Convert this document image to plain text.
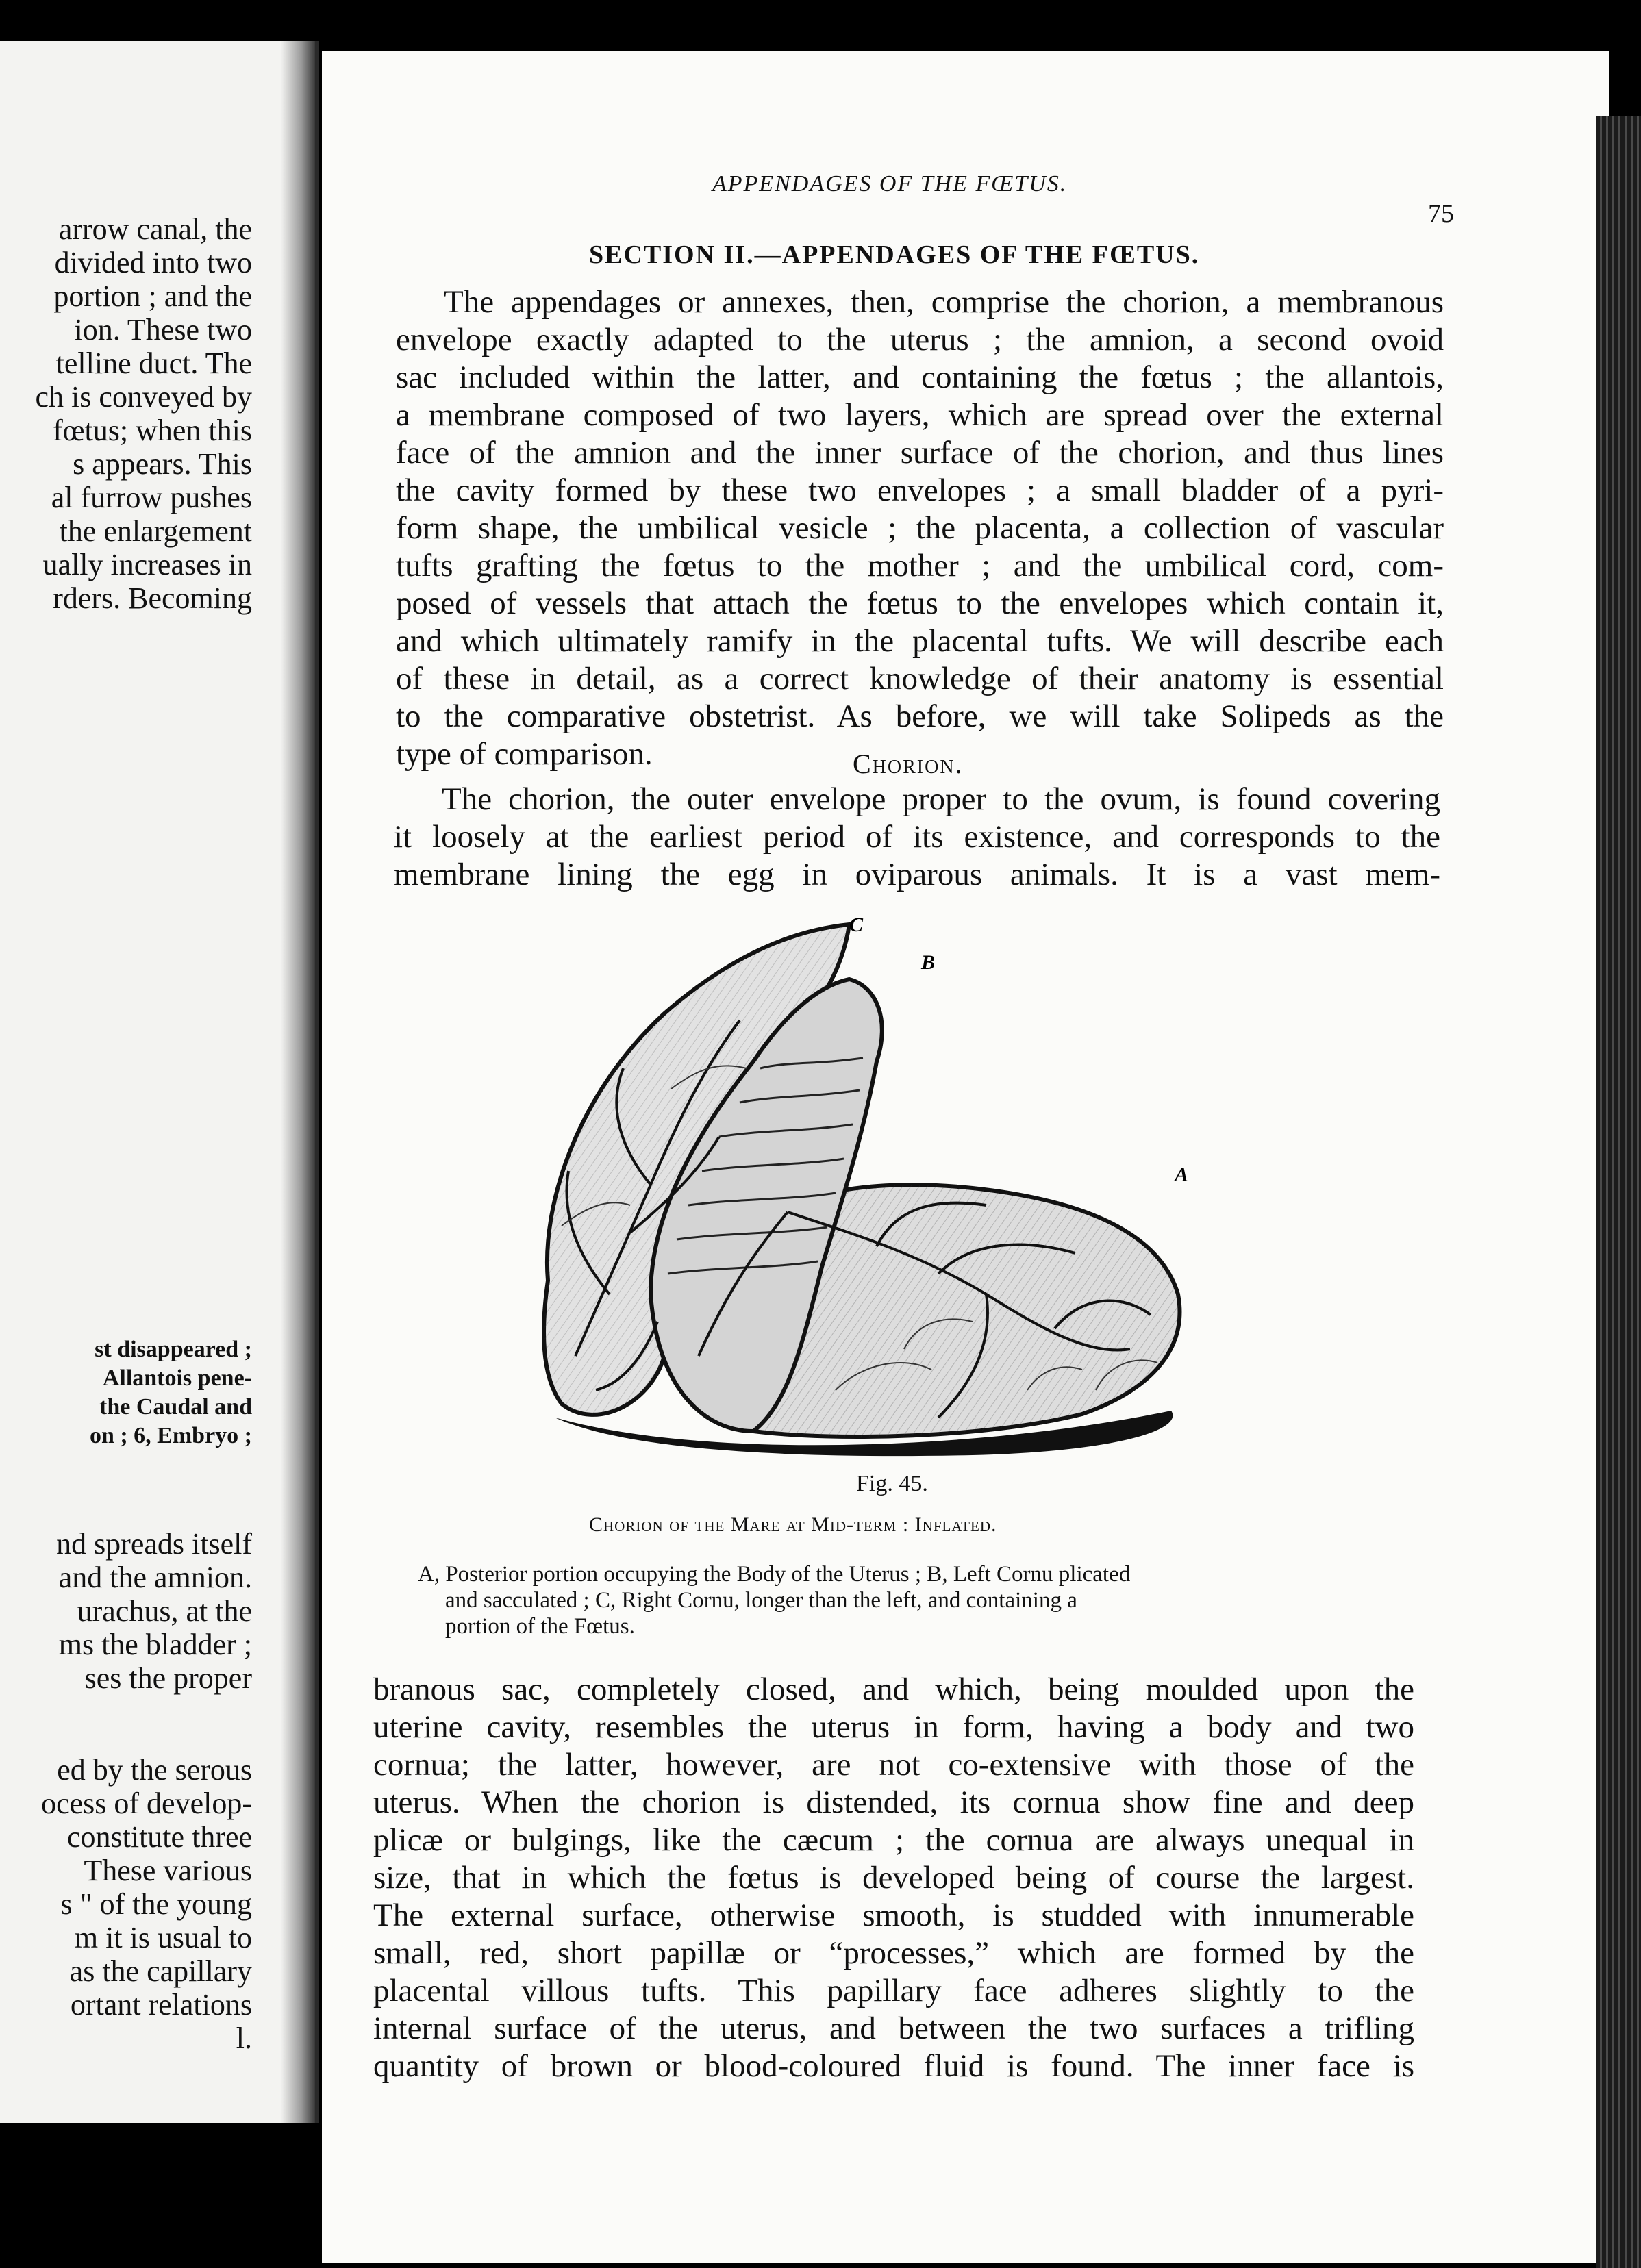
arrow canal, the
divided into two
portion ; and the
ion. These two
telline duct. The
ch is conveyed by
fœtus; when this
s appears. This
al furrow pushes
the enlargement
ually increases in
rders. Becoming
st disappeared ;
Allantois pene-
the Caudal and
on ; 6, Embryo ;
nd spreads itself
and the amnion.
urachus, at the
ms the bladder ;
ses the proper
ed by the serous
ocess of develop-
constitute three
These various
s " of the young
m it is usual to
as the capillary
ortant relations
l.
APPENDAGES OF THE FŒTUS.
75
SECTION II.—APPENDAGES OF THE FŒTUS.
The appendages or annexes, then, comprise the chorion, a membranous
envelope exactly adapted to the uterus ; the amnion, a second ovoid
sac included within the latter, and containing the fœtus ; the allantois,
a membrane composed of two layers, which are spread over the external
face of the amnion and the inner surface of the chorion, and thus lines
the cavity formed by these two envelopes ; a small bladder of a pyri-
form shape, the umbilical vesicle ; the placenta, a collection of vascular
tufts grafting the fœtus to the mother ; and the umbilical cord, com-
posed of vessels that attach the fœtus to the envelopes which contain it,
and which ultimately ramify in the placental tufts. We will describe each
of these in detail, as a correct knowledge of their anatomy is essential
to the comparative obstetrist. As before, we will take Solipeds as the
type of comparison.	Chorion.
The chorion, the outer envelope proper to the ovum, is found covering
it loosely at the earliest period of its existence, and corresponds to the
membrane lining the egg in oviparous animals. It is a vast mem-
C
B
A
Fig. 45.
Chorion of the Mare at Mid-term : Inflated.
A, Posterior portion occupying the Body of the Uterus ; B, Left Cornu plicated
and sacculated ; C, Right Cornu, longer than the left, and containing a
portion of the Fœtus.
branous sac, completely closed, and which, being moulded upon the
uterine cavity, resembles the uterus in form, having a body and two
cornua; the latter, however, are not co-extensive with those of the
uterus. When the chorion is distended, its cornua show fine and deep
plicæ or bulgings, like the cæcum ; the cornua are always unequal in
size, that in which the fœtus is developed being of course the largest.
The external surface, otherwise smooth, is studded with innumerable
small, red, short papillæ or “processes,” which are formed by the
placental villous tufts. This papillary face adheres slightly to the
internal surface of the uterus, and between the two surfaces a trifling
quantity of brown or blood-coloured fluid is found. The inner face is
